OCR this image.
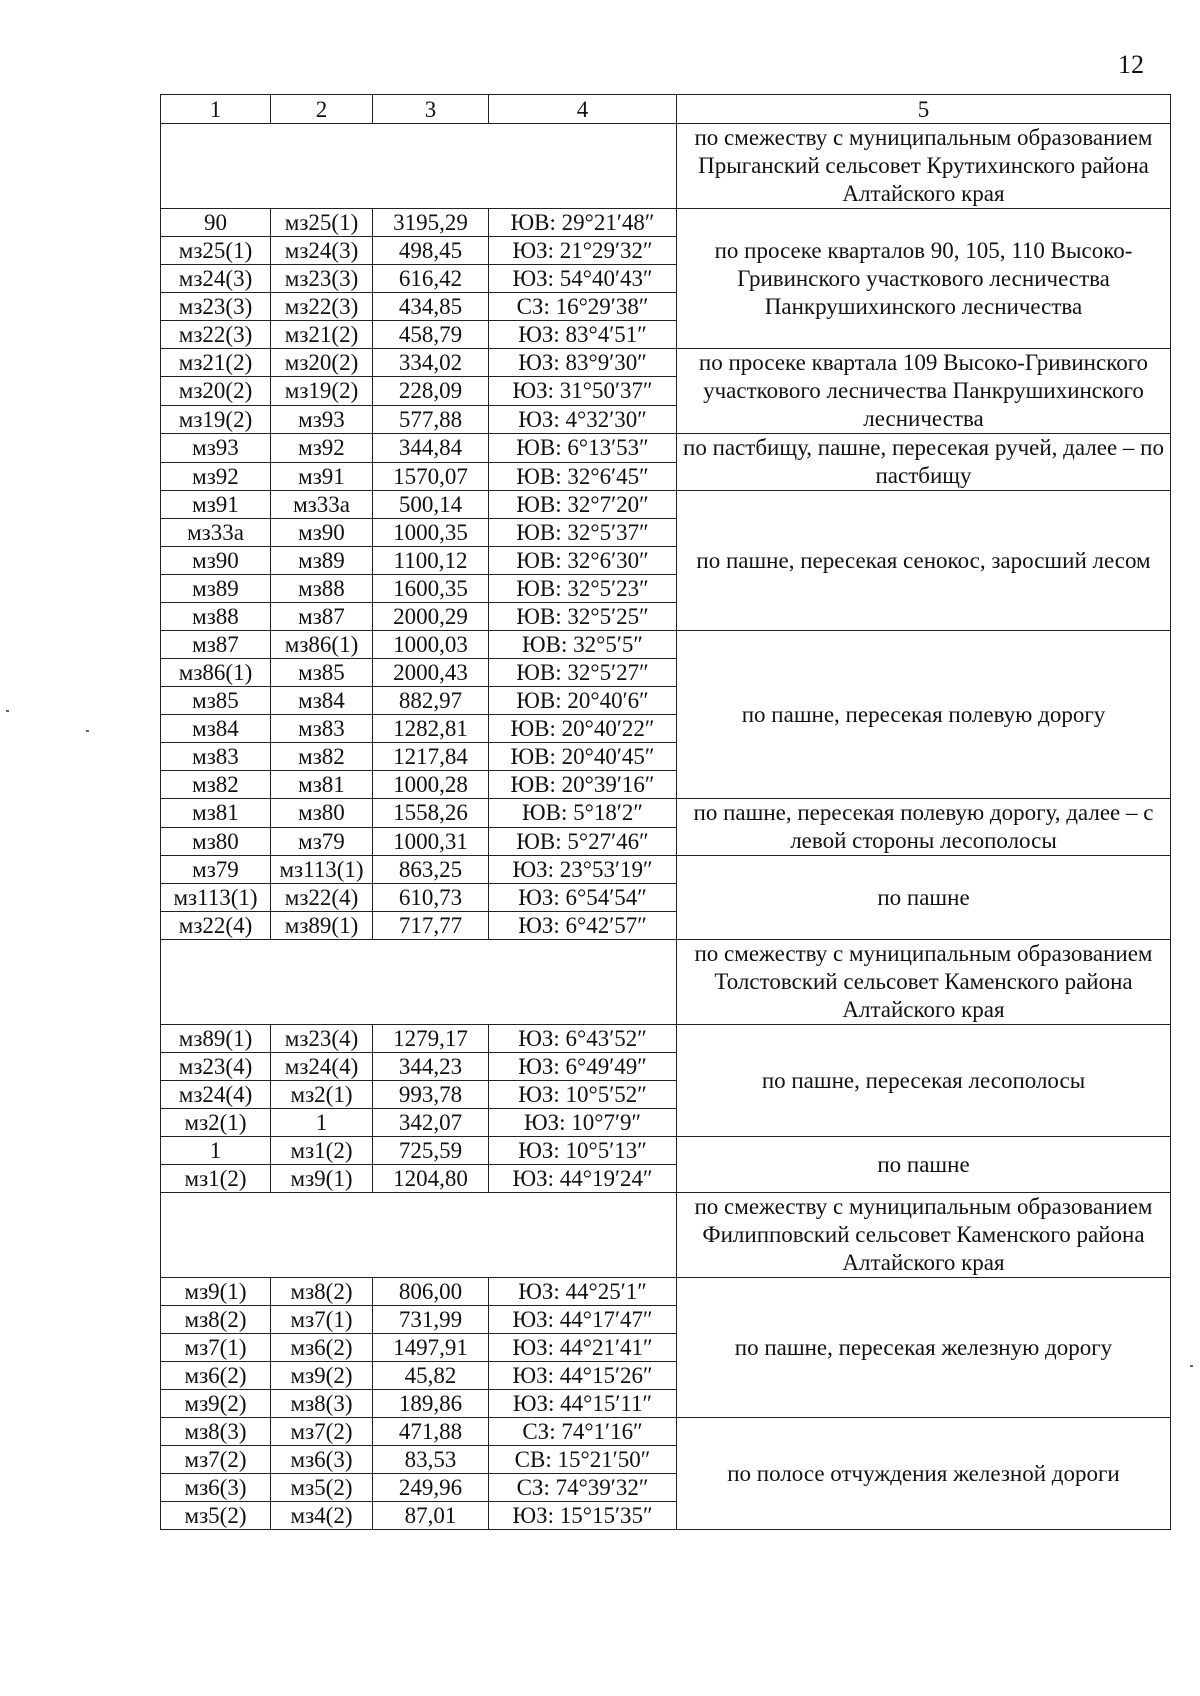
12
1	2	3	4	5
				по смежеству с муниципальным образованием Прыганский сельсовет Крутихинского района Алтайского края
90	мз25(1)	3195,29	ЮВ: 29°21′48″	по просеке кварталов 90, 105, 110 Высоко-Гривинского участкового лесничества Панкрушихинского лесничества
мз25(1)	мз24(3)	498,45	ЮЗ: 21°29′32″	
мз24(3)	мз23(3)	616,42	ЮЗ: 54°40′43″	
мз23(3)	мз22(3)	434,85	СЗ: 16°29′38″	
мз22(3)	мз21(2)	458,79	ЮЗ: 83°4′51″	
мз21(2)	мз20(2)	334,02	ЮЗ: 83°9′30″	по просеке квартала 109 Высоко-Гривинского участкового лесничества Панкрушихинского лесничества
мз20(2)	мз19(2)	228,09	ЮЗ: 31°50′37″	
мз19(2)	мз93	577,88	ЮЗ: 4°32′30″	
мз93	мз92	344,84	ЮВ: 6°13′53″	по пастбищу, пашне, пересекая ручей, далее – по пастбищу
мз92	мз91	1570,07	ЮВ: 32°6′45″	
мз91	мз33а	500,14	ЮВ: 32°7′20″	по пашне, пересекая сенокос, заросший лесом
мз33а	мз90	1000,35	ЮВ: 32°5′37″	
мз90	мз89	1100,12	ЮВ: 32°6′30″	
мз89	мз88	1600,35	ЮВ: 32°5′23″	
мз88	мз87	2000,29	ЮВ: 32°5′25″	
мз87	мз86(1)	1000,03	ЮВ: 32°5′5″	по пашне, пересекая полевую дорогу
мз86(1)	мз85	2000,43	ЮВ: 32°5′27″	
мз85	мз84	882,97	ЮВ: 20°40′6″	
мз84	мз83	1282,81	ЮВ: 20°40′22″	
мз83	мз82	1217,84	ЮВ: 20°40′45″	
мз82	мз81	1000,28	ЮВ: 20°39′16″	
мз81	мз80	1558,26	ЮВ: 5°18′2″	по пашне, пересекая полевую дорогу, далее – с левой стороны лесополосы
мз80	мз79	1000,31	ЮВ: 5°27′46″	
мз79	мз113(1)	863,25	ЮЗ: 23°53′19″	по пашне
мз113(1)	мз22(4)	610,73	ЮЗ: 6°54′54″	
мз22(4)	мз89(1)	717,77	ЮЗ: 6°42′57″	
				по смежеству с муниципальным образованием Толстовский сельсовет Каменского района Алтайского края
мз89(1)	мз23(4)	1279,17	ЮЗ: 6°43′52″	по пашне, пересекая лесополосы
мз23(4)	мз24(4)	344,23	ЮЗ: 6°49′49″	
мз24(4)	мз2(1)	993,78	ЮЗ: 10°5′52″	
мз2(1)	1	342,07	ЮЗ: 10°7′9″	
1	мз1(2)	725,59	ЮЗ: 10°5′13″	по пашне
мз1(2)	мз9(1)	1204,80	ЮЗ: 44°19′24″	
				по смежеству с муниципальным образованием Филипповский сельсовет Каменского района Алтайского края
мз9(1)	мз8(2)	806,00	ЮЗ: 44°25′1″	по пашне, пересекая железную дорогу
мз8(2)	мз7(1)	731,99	ЮЗ: 44°17′47″	
мз7(1)	мз6(2)	1497,91	ЮЗ: 44°21′41″	
мз6(2)	мз9(2)	45,82	ЮЗ: 44°15′26″	
мз9(2)	мз8(3)	189,86	ЮЗ: 44°15′11″	
мз8(3)	мз7(2)	471,88	СЗ: 74°1′16″	по полосе отчуждения железной дороги
мз7(2)	мз6(3)	83,53	СВ: 15°21′50″	
мз6(3)	мз5(2)	249,96	СЗ: 74°39′32″	
мз5(2)	мз4(2)	87,01	ЮЗ: 15°15′35″	
